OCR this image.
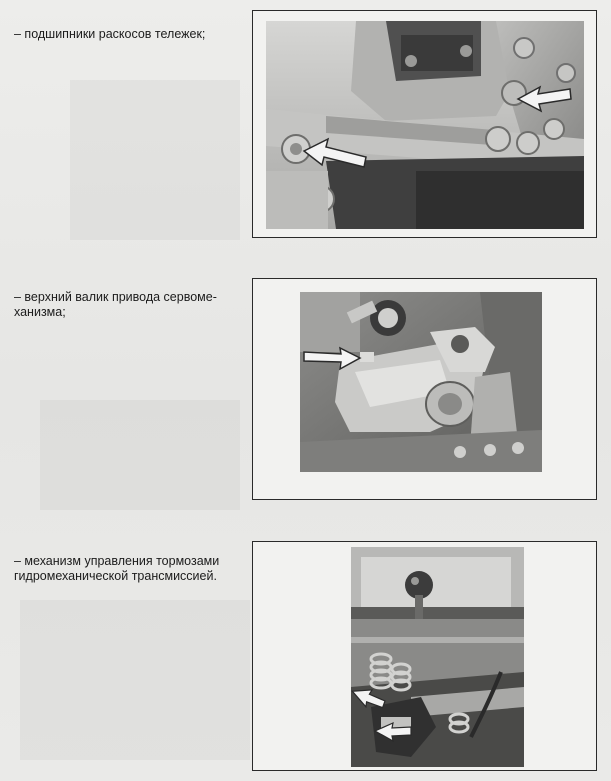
– подшипники раскосов тележек;
– верхний валик привода сервоме-
ханизма;
– механизм управления тормозами
гидромеханической трансмиссией.
